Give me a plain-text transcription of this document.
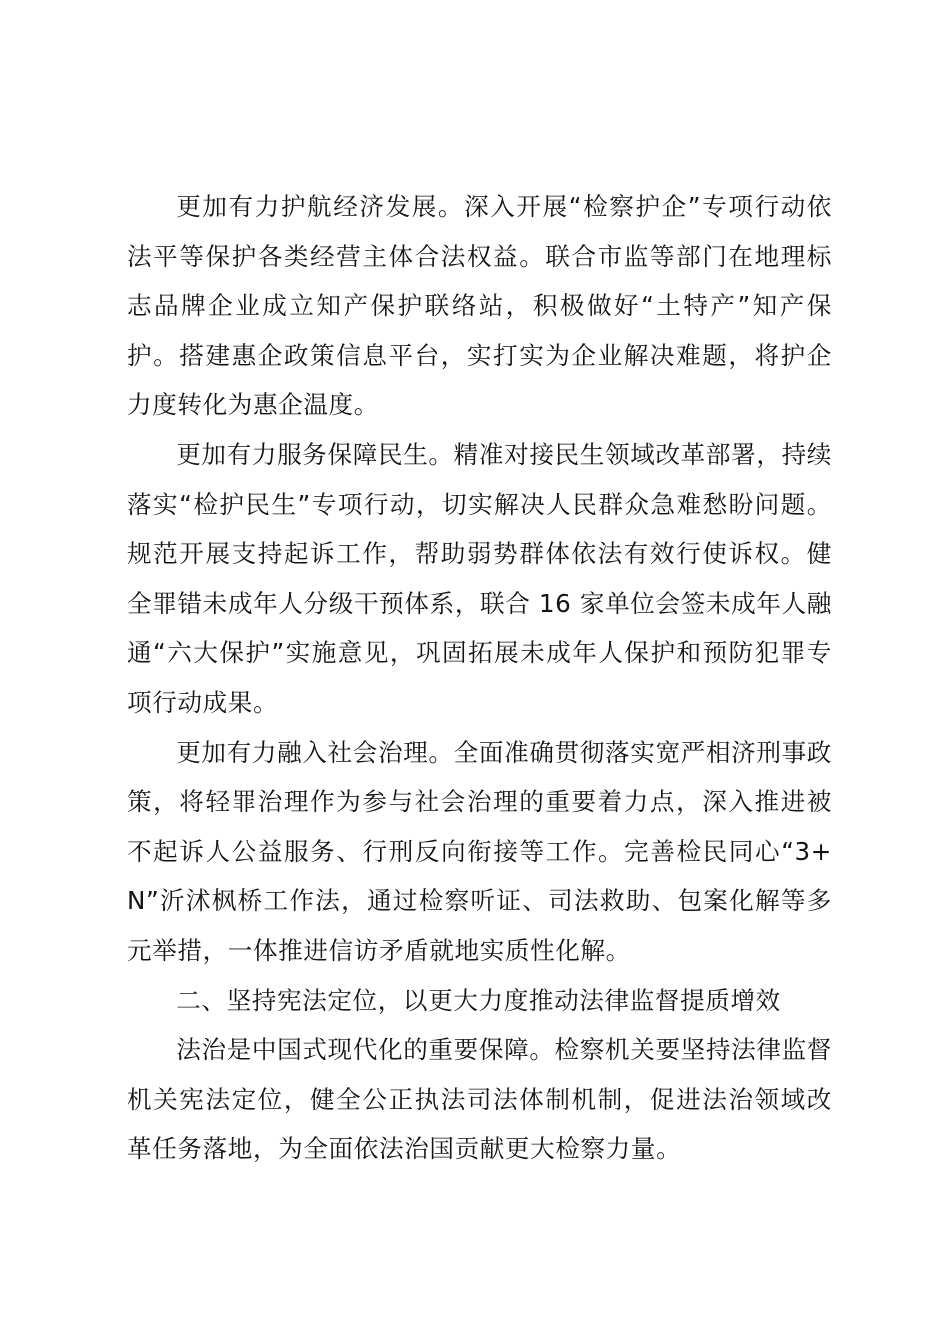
更加有力护航经济发展。深入开展“检察护企”专项行动依法平等保护各类经营主体合法权益。联合市监等部门在地理标志品牌企业成立知产保护联络站，积极做好“土特产”知产保护。搭建惠企政策信息平台，实打实为企业解决难题，将护企力度转化为惠企温度。

更加有力服务保障民生。精准对接民生领域改革部署，持续落实“检护民生”专项行动，切实解决人民群众急难愁盼问题。规范开展支持起诉工作，帮助弱势群体依法有效行使诉权。健全罪错未成年人分级干预体系，联合 16 家单位会签未成年人融通“六大保护”实施意见，巩固拓展未成年人保护和预防犯罪专项行动成果。

更加有力融入社会治理。全面准确贯彻落实宽严相济刑事政策，将轻罪治理作为参与社会治理的重要着力点，深入推进被不起诉人公益服务、行刑反向衔接等工作。完善检民同心“3+N”沂沭枫桥工作法，通过检察听证、司法救助、包案化解等多元举措，一体推进信访矛盾就地实质性化解。

二、坚持宪法定位，以更大力度推动法律监督提质增效

法治是中国式现代化的重要保障。检察机关要坚持法律监督机关宪法定位，健全公正执法司法体制机制，促进法治领域改革任务落地，为全面依法治国贡献更大检察力量。
